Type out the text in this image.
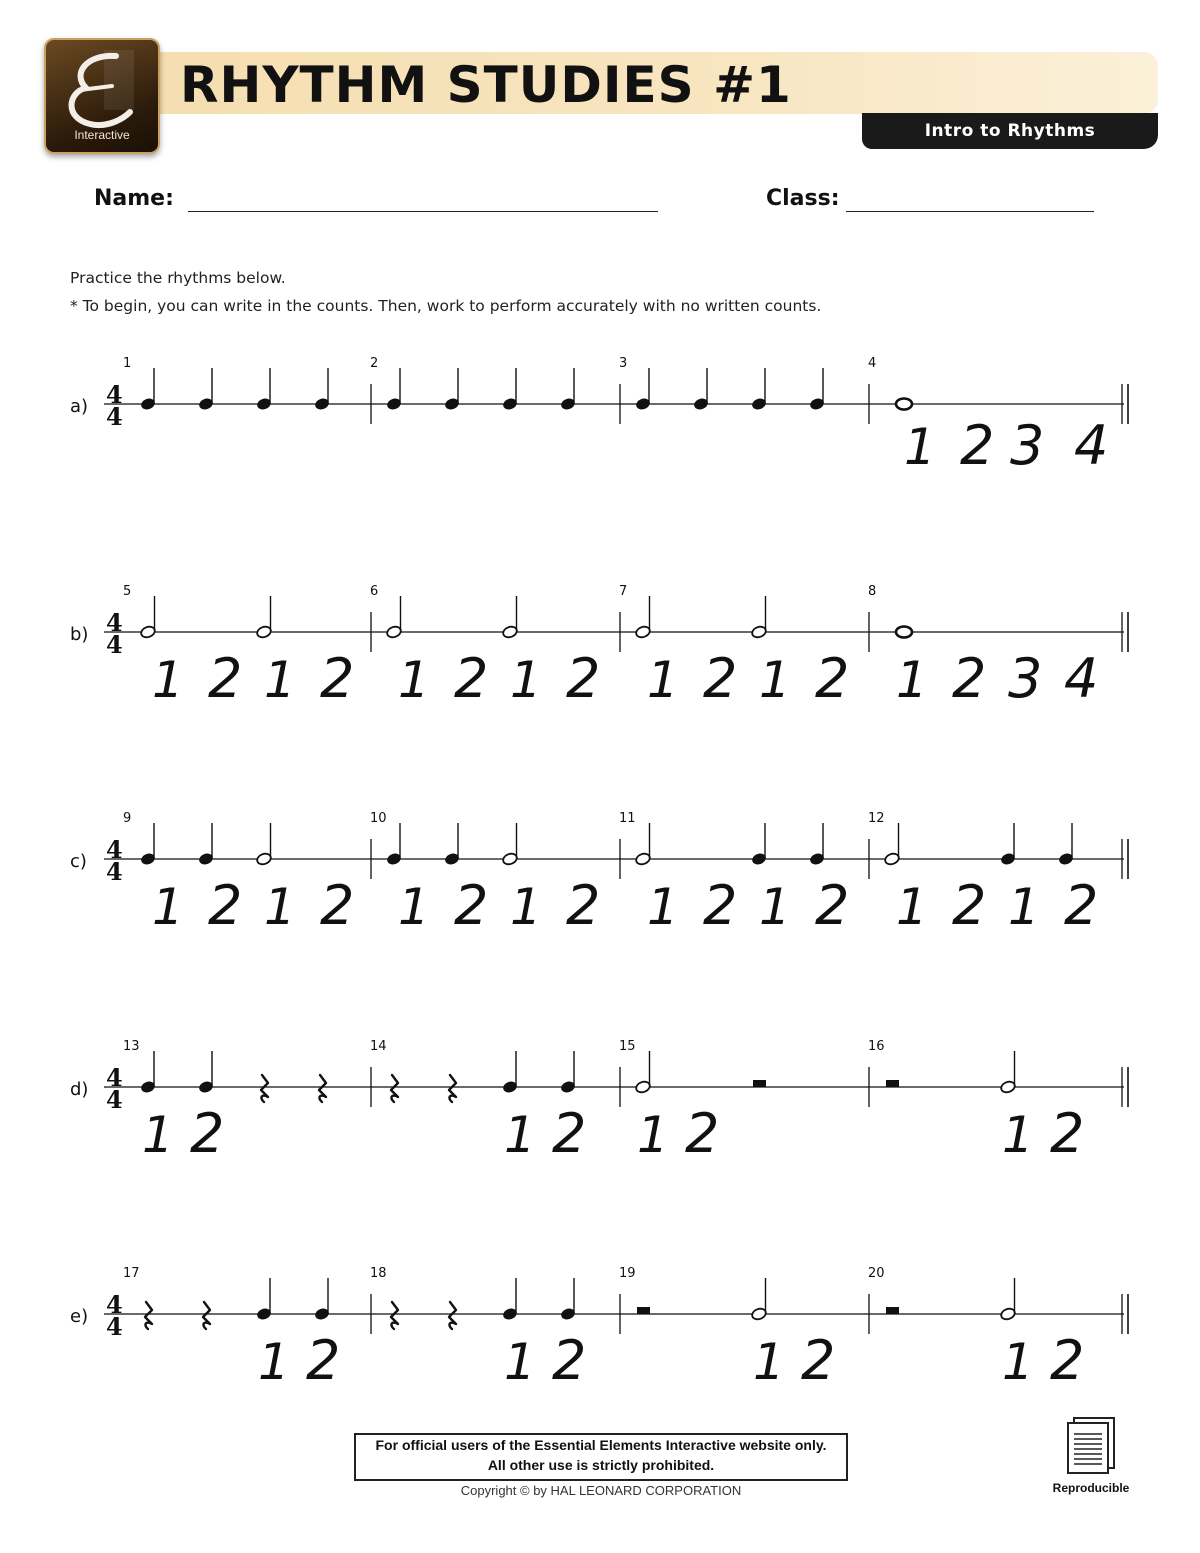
Interactive
RHYTHM STUDIES #1
Intro to Rhythms
Name:	Class:
Practice the rhythms below.
* To begin, you can write in the counts. Then, work to perform accurately with no written counts.
a) 4
4
1	2	3	4
1 2 3 4
b) 4
4
5
1 2 1 2
6
1 2 1 2
7
1 2 1 2
8
1 2 3 4
c) 4
4
9
1 2 1 2
10
1 2 1 2
11
1 2 1 2
12
1 2 1 2
d) 4
4
13
1 2
14
1 2
15
1 2
16
1 2
e) 4
4
17
1 2
18
1 2
19
1 2
20
1 2
For official users of the Essential Elements Interactive website only.
All other use is strictly prohibited.
Copyright © by HAL LEONARD CORPORATION	Reproducible
